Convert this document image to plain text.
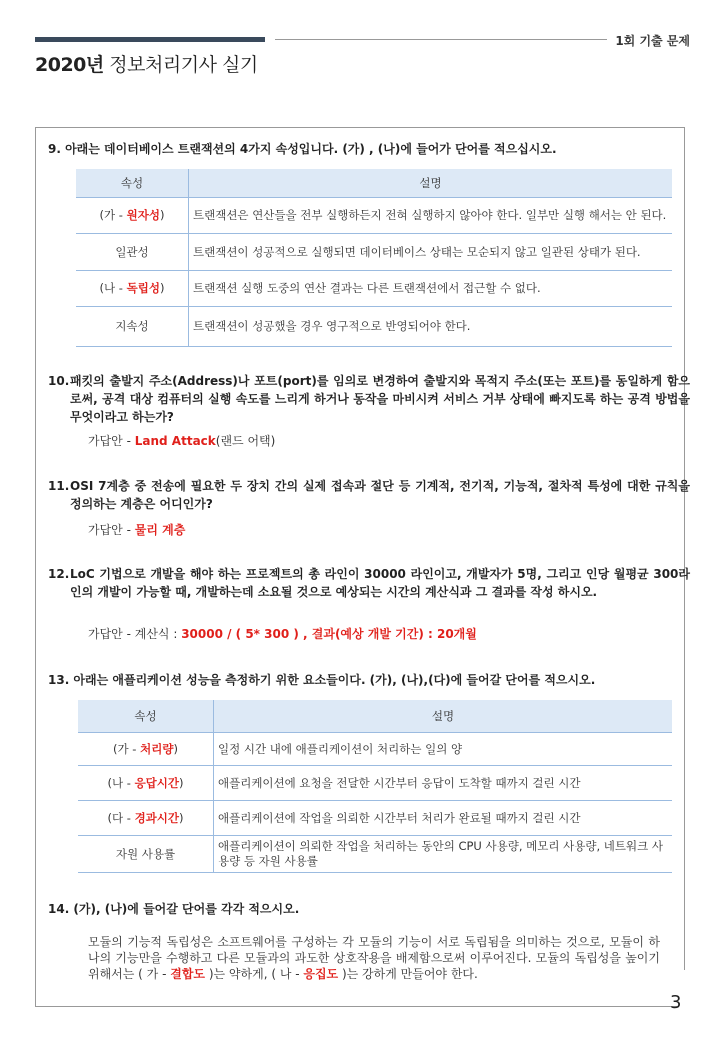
1회 기출 문제
2020년 정보처리기사 실기
9. 아래는 데이터베이스 트랜잭션의 4가지 속성입니다. (가) , (나)에 들어가 단어를 적으십시오.
속성	설명
(가 - 원자성)	트랜잭션은 연산들을 전부 실행하든지 전혀 실행하지 않아야 한다. 일부만 실행 해서는 안 된다.
일관성	트랜잭션이 성공적으로 실행되면 데이터베이스 상태는 모순되지 않고 일관된 상태가 된다.
(나 - 독립성)	트랜잭션 실행 도중의 연산 결과는 다른 트랜잭션에서 접근할 수 없다.
지속성	트랜잭션이 성공했을 경우 영구적으로 반영되어야 한다.
10.패킷의 출발지 주소(Address)나 포트(port)를 임의로 변경하여 출발지와 목적지 주소(또는 포트)를 동일하게 함으로써, 공격 대상 컴퓨터의 실행 속도를 느리게 하거나 동작을 마비시켜 서비스 거부 상태에 빠지도록 하는 공격 방법을 무엇이라고 하는가?
가답안 - Land Attack(랜드 어택)
11.OSI 7계층 중 전송에 필요한 두 장치 간의 실제 접속과 절단 등 기계적, 전기적, 기능적, 절차적 특성에 대한 규칙을 정의하는 계층은 어디인가?
가답안 - 물리 계층
12.LoC 기법으로 개발을 해야 하는 프로젝트의 총 라인이 30000 라인이고, 개발자가 5명, 그리고 인당 월평균 300라인의 개발이 가능할 때, 개발하는데 소요될 것으로 예상되는 시간의 계산식과 그 결과를 작성 하시오.
가답안 - 계산식 : 30000 / ( 5* 300 ) , 결과(예상 개발 기간) : 20개월
13. 아래는 애플리케이션 성능을 측정하기 위한 요소들이다. (가), (나),(다)에 들어갈 단어를 적으시오.
속성	설명
(가 - 처리량)	일정 시간 내에 애플리케이션이 처리하는 일의 양
(나 - 응답시간)	애플리케이션에 요청을 전달한 시간부터 응답이 도착할 때까지 걸린 시간
(다 - 경과시간)	애플리케이션에 작업을 의뢰한 시간부터 처리가 완료될 때까지 걸린 시간
자원 사용률	애플리케이션이 의뢰한 작업을 처리하는 동안의 CPU 사용량, 메모리 사용량, 네트워크 사용량 등 자원 사용률
14. (가), (나)에 들어갈 단어를 각각 적으시오.
모듈의 기능적 독립성은 소프트웨어를 구성하는 각 모듈의 기능이 서로 독립됨을 의미하는 것으로, 모듈이 하나의 기능만을 수행하고 다른 모듈과의 과도한 상호작용을 배제함으로써 이루어진다. 모듈의 독립성을 높이기 위해서는 ( 가 - 결합도 )는 약하게, ( 나 - 응집도 )는 강하게 만들어야 한다.
3
